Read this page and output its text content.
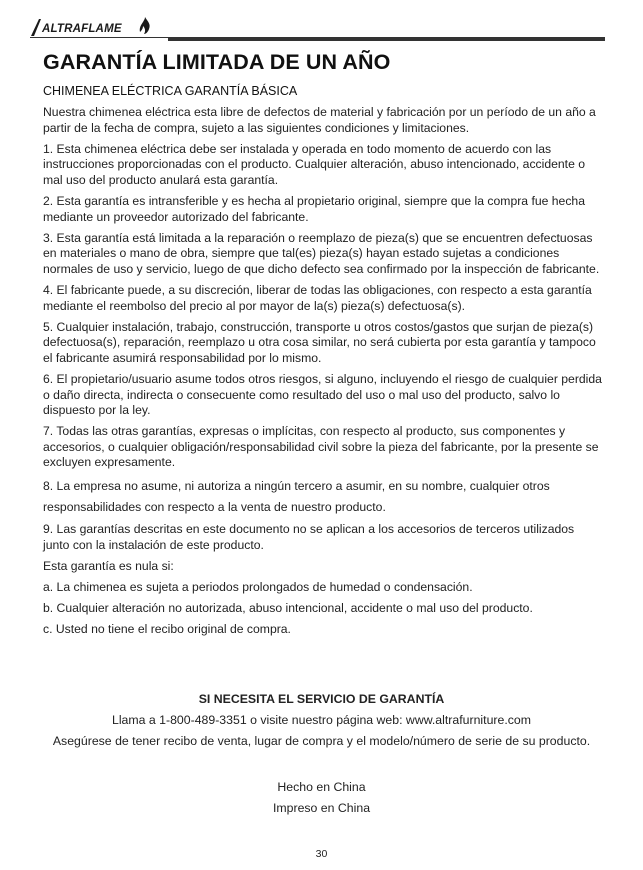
ALTRAFLAME
GARANTÍA LIMITADA DE UN AÑO
CHIMENEA ELÉCTRICA GARANTÍA BÁSICA

Nuestra chimenea eléctrica esta libre de defectos de material y fabricación por un período de un año a partir de la fecha de compra, sujeto a las siguientes condiciones y limitaciones.

1. Esta chimenea eléctrica debe ser instalada y operada en todo momento de acuerdo con las instrucciones proporcionadas con el producto. Cualquier alteración, abuso intencionado, accidente o mal uso del producto anulará esta garantía.

2. Esta garantía es intransferible y es hecha al propietario original, siempre que la compra fue hecha mediante un proveedor autorizado del fabricante.

3. Esta garantía está limitada a la reparación o reemplazo de pieza(s) que se encuentren defectuosas en materiales o mano de obra, siempre que tal(es) pieza(s) hayan estado sujetas a condiciones normales de uso y servicio, luego de que dicho defecto sea confirmado por la inspección de fabricante.

4. El fabricante puede, a su discreción, liberar de todas las obligaciones, con respecto a esta garantía mediante el reembolso del precio al por mayor de la(s) pieza(s) defectuosa(s).

5. Cualquier instalación, trabajo, construcción, transporte u otros costos/gastos que surjan de pieza(s) defectuosa(s), reparación, reemplazo u otra cosa similar, no será cubierta por esta garantía y tampoco el fabricante asumirá responsabilidad por lo mismo.

6. El propietario/usuario asume todos otros riesgos, si alguno, incluyendo el riesgo de cualquier perdida o daño directa, indirecta o consecuente como resultado del uso o mal uso del producto, salvo lo dispuesto por la ley.

7. Todas las otras garantías, expresas o implícitas, con respecto al producto, sus componentes y accesorios, o cualquier obligación/responsabilidad civil sobre la pieza del fabricante, por la presente se excluyen expresamente.

8. La empresa no asume, ni autoriza a ningún tercero a asumir, en su nombre, cualquier otros responsabilidades con respecto a la venta de nuestro producto.

9. Las garantías descritas en este documento no se aplican a los accesorios de terceros utilizados junto con la instalación de este producto.

Esta garantía es nula si:

a. La chimenea es sujeta a periodos prolongados de humedad o condensación.

b. Cualquier alteración no autorizada, abuso intencional, accidente o mal uso del producto.

c. Usted no tiene el recibo original de compra.

SI NECESITA EL SERVICIO DE GARANTÍA
Llama a 1-800-489-3351 o visite nuestro página web: www.altrafurniture.com
Asegúrese de tener recibo de venta, lugar de compra y el modelo/número de serie de su producto.
Hecho en China
Impreso en China
30
